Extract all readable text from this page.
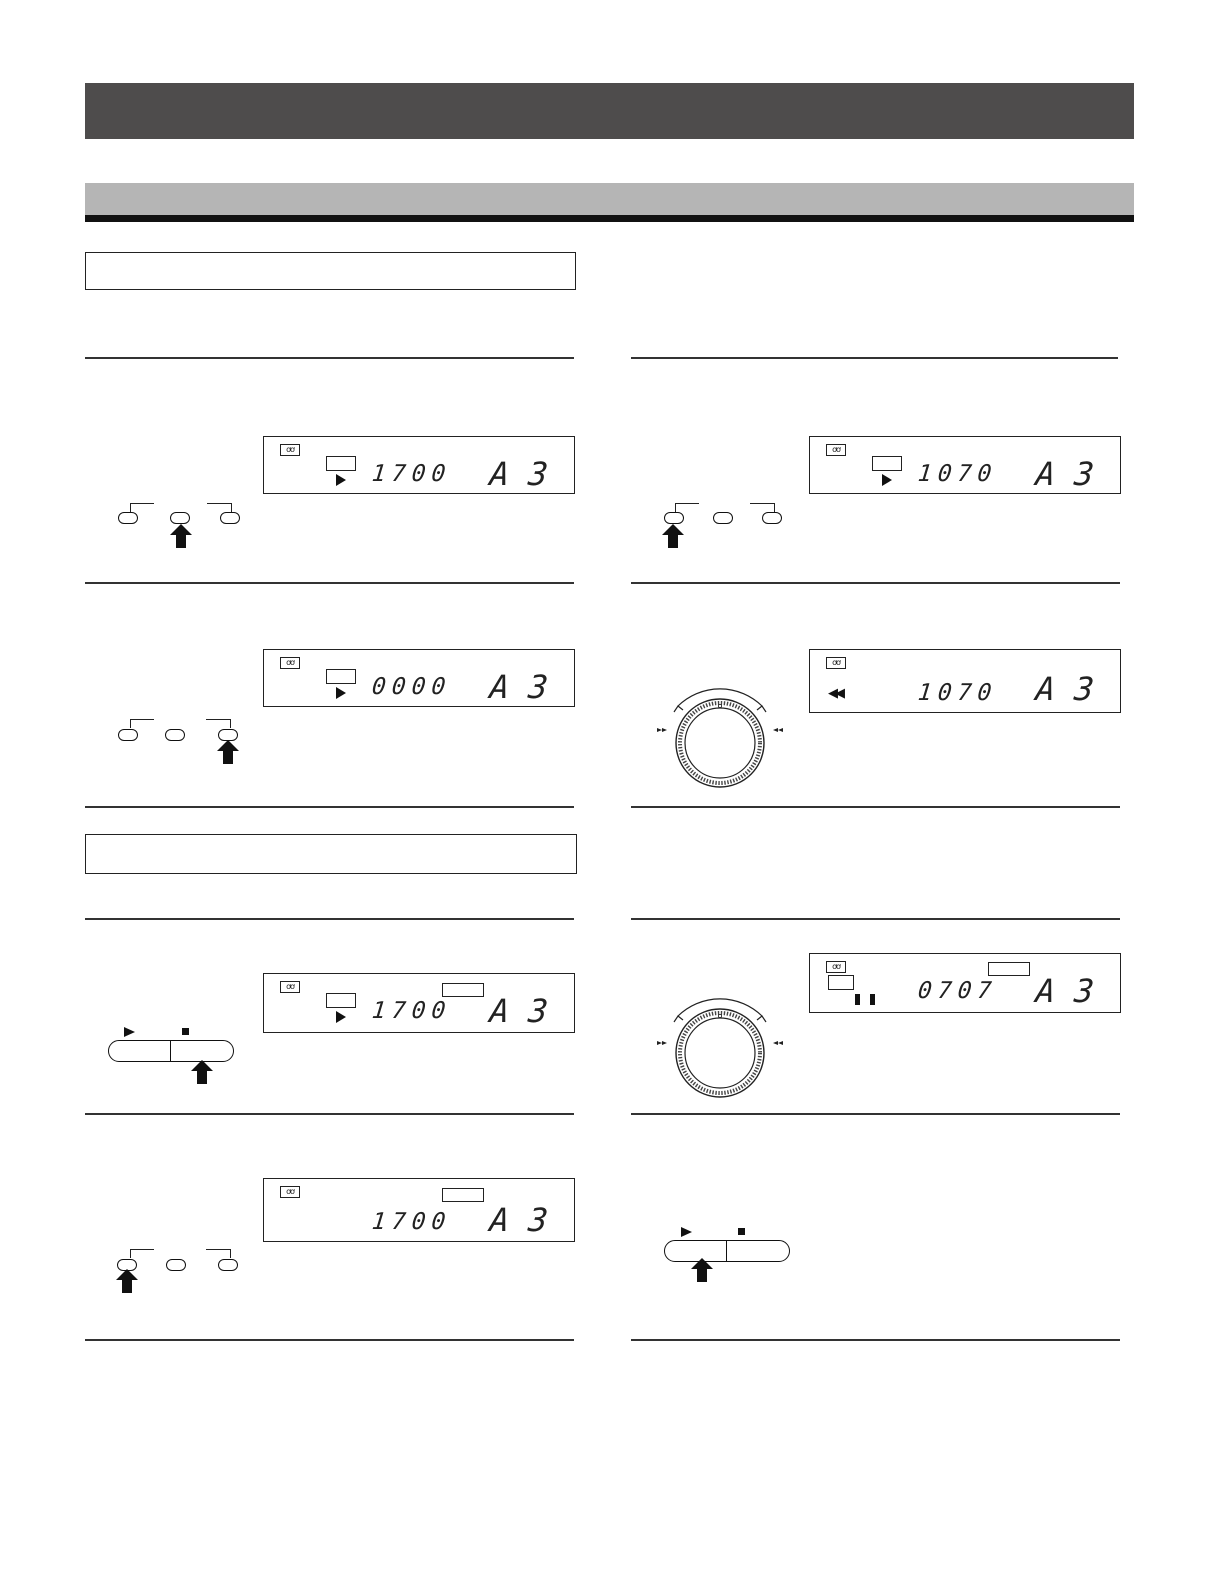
ơơ
1700 A 3
ơơ
0000 A 3
ơơ
1700 A 3
ơơ
1700 A 3
ơơ
1070 A 3
ơơ
◀◀	1070 A 3
ơơ
0707 A 3
